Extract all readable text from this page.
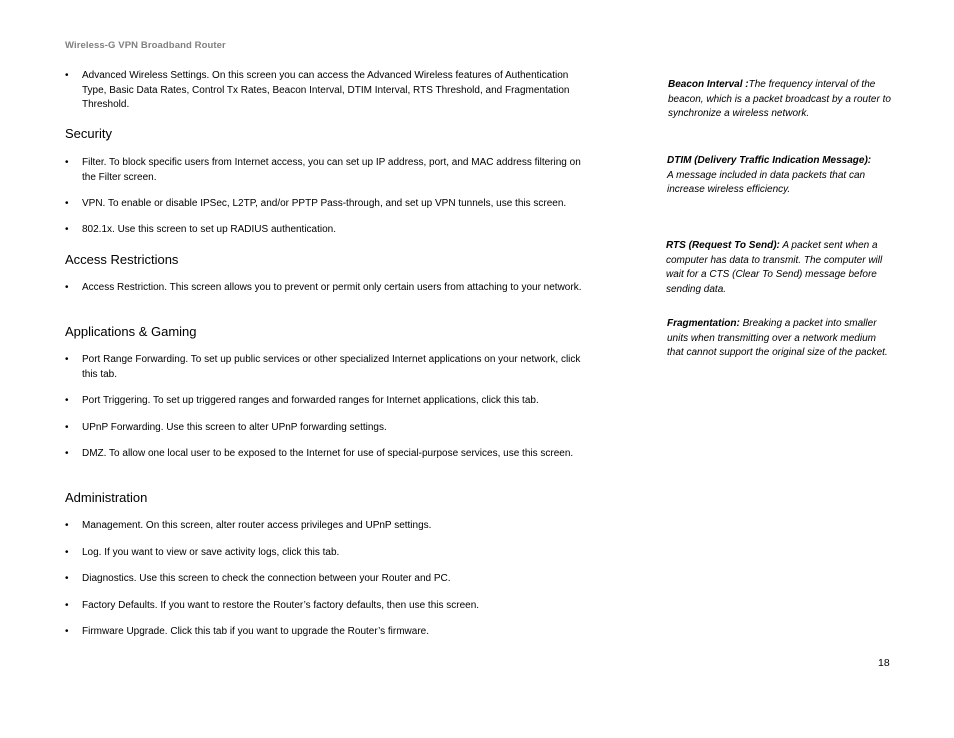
Wireless-G VPN Broadband Router
• Advanced Wireless Settings. On this screen you can access the Advanced Wireless features of Authentication Type, Basic Data Rates, Control Tx Rates, Beacon Interval, DTIM Interval, RTS Threshold, and Fragmentation Threshold.
Security
• Filter. To block specific users from Internet access, you can set up IP address, port, and MAC address filtering on the Filter screen.
• VPN. To enable or disable IPSec, L2TP, and/or PPTP Pass-through, and set up VPN tunnels, use this screen.
• 802.1x. Use this screen to set up RADIUS authentication.
Access Restrictions
• Access Restriction. This screen allows you to prevent or permit only certain users from attaching to your network.
Applications & Gaming
• Port Range Forwarding. To set up public services or other specialized Internet applications on your network, click this tab.
• Port Triggering. To set up triggered ranges and forwarded ranges for Internet applications, click this tab.
• UPnP Forwarding. Use this screen to alter UPnP forwarding settings.
• DMZ. To allow one local user to be exposed to the Internet for use of special-purpose services, use this screen.
Administration
• Management. On this screen, alter router access privileges and UPnP settings.
• Log. If you want to view or save activity logs, click this tab.
• Diagnostics. Use this screen to check the connection between your Router and PC.
• Factory Defaults. If you want to restore the Router’s factory defaults, then use this screen.
• Firmware Upgrade. Click this tab if you want to upgrade the Router’s firmware.
Beacon Interval :The frequency interval of the beacon, which is a packet broadcast by a router to synchronize a wireless network.
DTIM (Delivery Traffic Indication Message):
A message included in data packets that can increase wireless efficiency.
RTS (Request To Send): A packet sent when a computer has data to transmit. The computer will wait for a CTS (Clear To Send) message before sending data.
Fragmentation: Breaking a packet into smaller units when transmitting over a network medium that cannot support the original size of the packet.
18
